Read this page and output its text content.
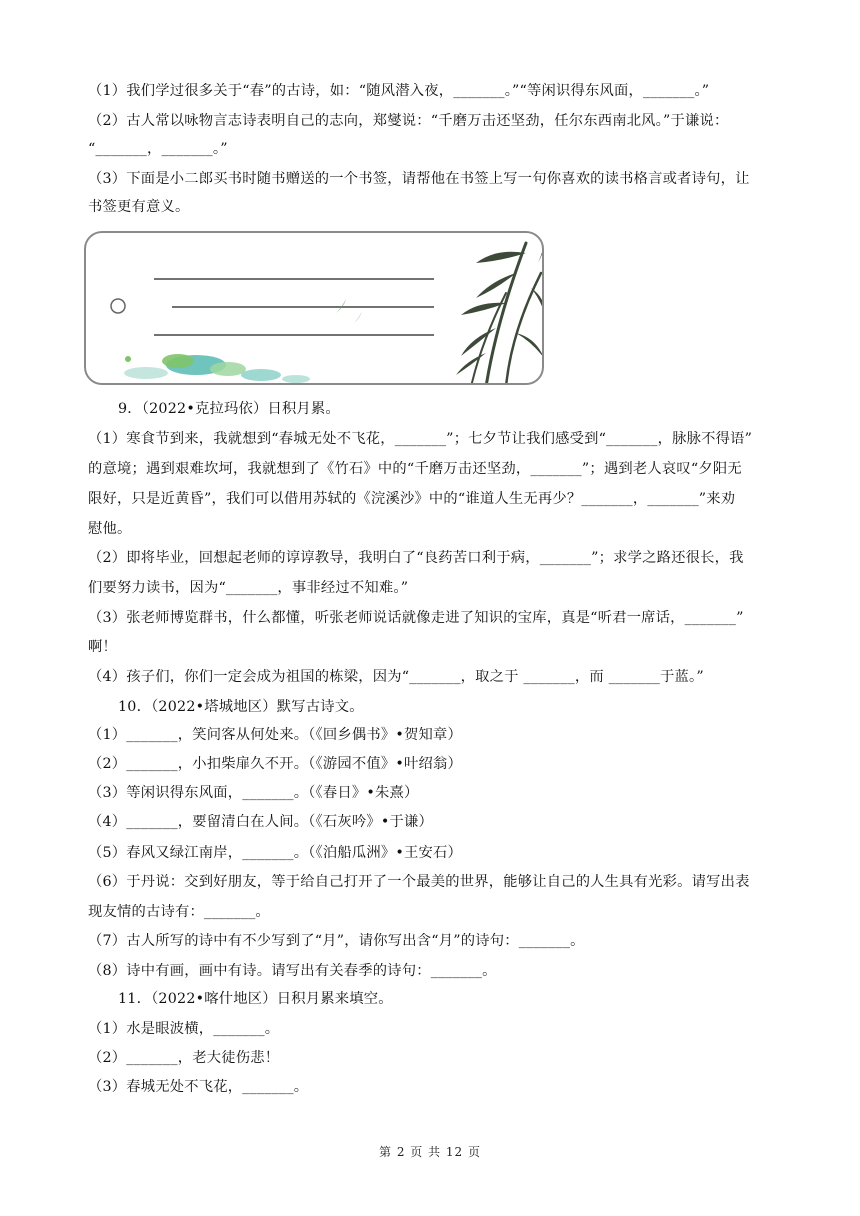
（1）我们学过很多关于“春”的古诗，如：“随风潜入夜，_______。”“等闲识得东风面，_______。”
（2）古人常以咏物言志诗表明自己的志向，郑燮说：“千磨万击还坚劲，任尔东西南北风。”于谦说：
“_______，_______。”
（3）下面是小二郎买书时随书赠送的一个书签，请帮他在书签上写一句你喜欢的读书格言或者诗句，让
书签更有意义。
9．（2022•克拉玛依）日积月累。
（1）寒食节到来，我就想到“春城无处不飞花，_______”；七夕节让我们感受到“_______，脉脉不得语”
的意境；遇到艰难坎坷，我就想到了《竹石》中的“千磨万击还坚劲，_______”；遇到老人哀叹“夕阳无
限好，只是近黄昏”，我们可以借用苏轼的《浣溪沙》中的“谁道人生无再少？_______，_______”来劝
慰他。
（2）即将毕业，回想起老师的谆谆教导，我明白了“良药苦口利于病，_______”；求学之路还很长，我
们要努力读书，因为“_______，事非经过不知难。”
（3）张老师博览群书，什么都懂，听张老师说话就像走进了知识的宝库，真是“听君一席话，_______”
啊！
（4）孩子们，你们一定会成为祖国的栋梁，因为“_______，取之于 _______，而 _______于蓝。”
10．（2022•塔城地区）默写古诗文。
（1）_______，笑问客从何处来。（《回乡偶书》•贺知章）
（2）_______，小扣柴扉久不开。（《游园不值》•叶绍翁）
（3）等闲识得东风面，_______。（《春日》•朱熹）
（4）_______，要留清白在人间。（《石灰吟》•于谦）
（5）春风又绿江南岸，_______。（《泊船瓜洲》•王安石）
（6）于丹说：交到好朋友，等于给自己打开了一个最美的世界，能够让自己的人生具有光彩。请写出表
现友情的古诗有：_______。
（7）古人所写的诗中有不少写到了“月”，请你写出含“月”的诗句：_______。
（8）诗中有画，画中有诗。请写出有关春季的诗句：_______。
11．（2022•喀什地区）日积月累来填空。
（1）水是眼波横，_______。
（2）_______，老大徒伤悲！
（3）春城无处不飞花，_______。
第 2 页 共 12 页
